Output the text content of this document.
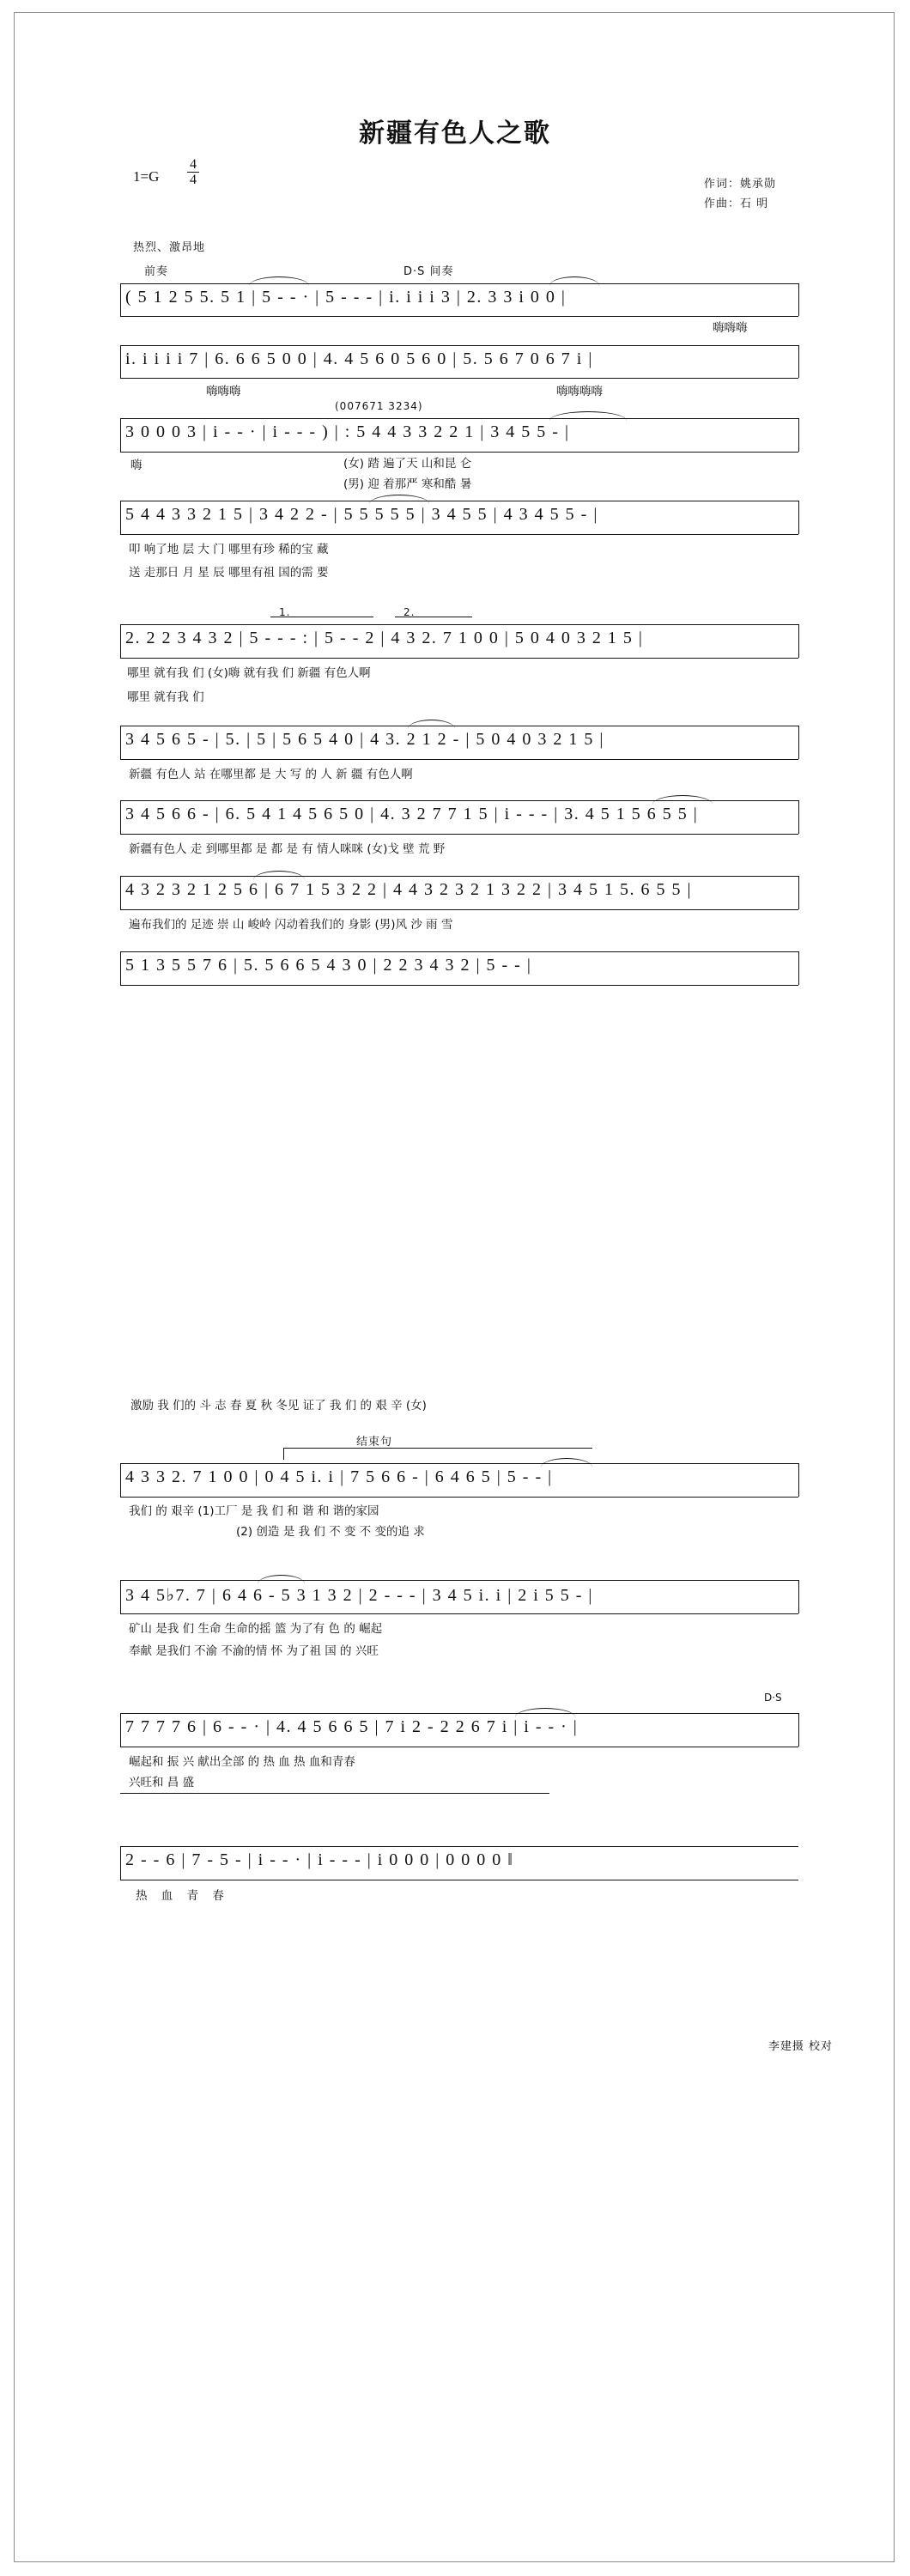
新疆有色人之歌
1=G
4
4	作词：姚承勋
作曲：石 明
热烈、激昂地
前奏	D·S 间奏
( 5 1 2 5 5. 5 1 | 5 - - · | 5 - - - | i. i i i 3 | 2. 3 3 i 0 0 |
嗨嗨嗨
i. i i i i 7 | 6. 6 6 5 0 0 | 4. 4 5 6 0 5 6 0 | 5. 5 6 7 0 6 7 i |
嗨嗨嗨	嗨嗨嗨嗨
(007671 3234)
3 0 0 0 3 | i - - · | i - - - ) | : 5 4 4 3 3 2 2 1 | 3 4 5 5 - |
嗨	(女) 踏 遍了天 山和昆 仑
(男) 迎 着那严 寒和酷 暑
5 4 4 3 3 2 1 5 | 3 4 2 2 - | 5 5 5 5 5 | 3 4 5 5 | 4 3 4 5 5 - |
叩 响了地 层 大 门 哪里有珍 稀的宝 藏
送 走那日 月 星 辰 哪里有祖 国的需 要
1.	2.
2. 2 2 3 4 3 2 | 5 - - - : | 5 - - 2 | 4 3 2. 7 1 0 0 | 5 0 4 0 3 2 1 5 |
哪里 就有我 们 (女)嗨 就有我 们 新疆 有色人啊
哪里 就有我 们
3 4 5 6 5 - | 5. | 5 | 5 6 5 4 0 | 4 3. 2 1 2 - | 5 0 4 0 3 2 1 5 |
新疆 有色人 站 在哪里都 是 大 写 的 人 新 疆 有色人啊
3 4 5 6 6 - | 6. 5 4 1 4 5 6 5 0 | 4. 3 2 7 7 1 5 | i - - - | 3. 4 5 1 5 6 5 5 |
新疆有色人 走 到哪里都 是 都 是 有 情人咪咪 (女)戈 壁 荒 野
4 3 2 3 2 1 2 5 6 | 6 7 1 5 3 2 2 | 4 4 3 2 3 2 1 3 2 2 | 3 4 5 1 5. 6 5 5 |
遍布我们的 足迹 崇 山 峻岭 闪动着我们的 身影 (男)风 沙 雨 雪
5 1 3 5 5 7 6 | 5. 5 6 6 5 4 3 0 | 2 2 3 4 3 2 | 5 - - |
激励 我 们的 斗 志 春 夏 秋 冬见 证了 我 们 的 艰 辛 (女)
结束句
4 3 3 2. 7 1 0 0 | 0 4 5 i. i | 7 5 6 6 - | 6 4 6 5 | 5 - - |
我们 的 艰辛 (1)工厂 是 我 们 和 谐 和 谐的家园
(2) 创造 是 我 们 不 变 不 变的追 求
3 4 5♭7. 7 | 6 4 6 - 5 3 1 3 2 | 2 - - - | 3 4 5 i. i | 2 i 5 5 - |
矿山 是我 们 生命 生命的摇 篮 为了有 色 的 崛起
奉献 是我们 不渝 不渝的情 怀 为了祖 国 的 兴旺
D·S
7 7 7 7 6 | 6 - - · | 4. 4 5 6 6 5 | 7 i 2 - 2 2 6 7 i | i - - · |
崛起和 振 兴 献出全部 的 热 血 热 血和青春
兴旺和 昌 盛
2 - - 6 | 7 - 5 - | i - - · | i - - - | i 0 0 0 | 0 0 0 0 ‖
热 血 青 春
李建摄 校对
